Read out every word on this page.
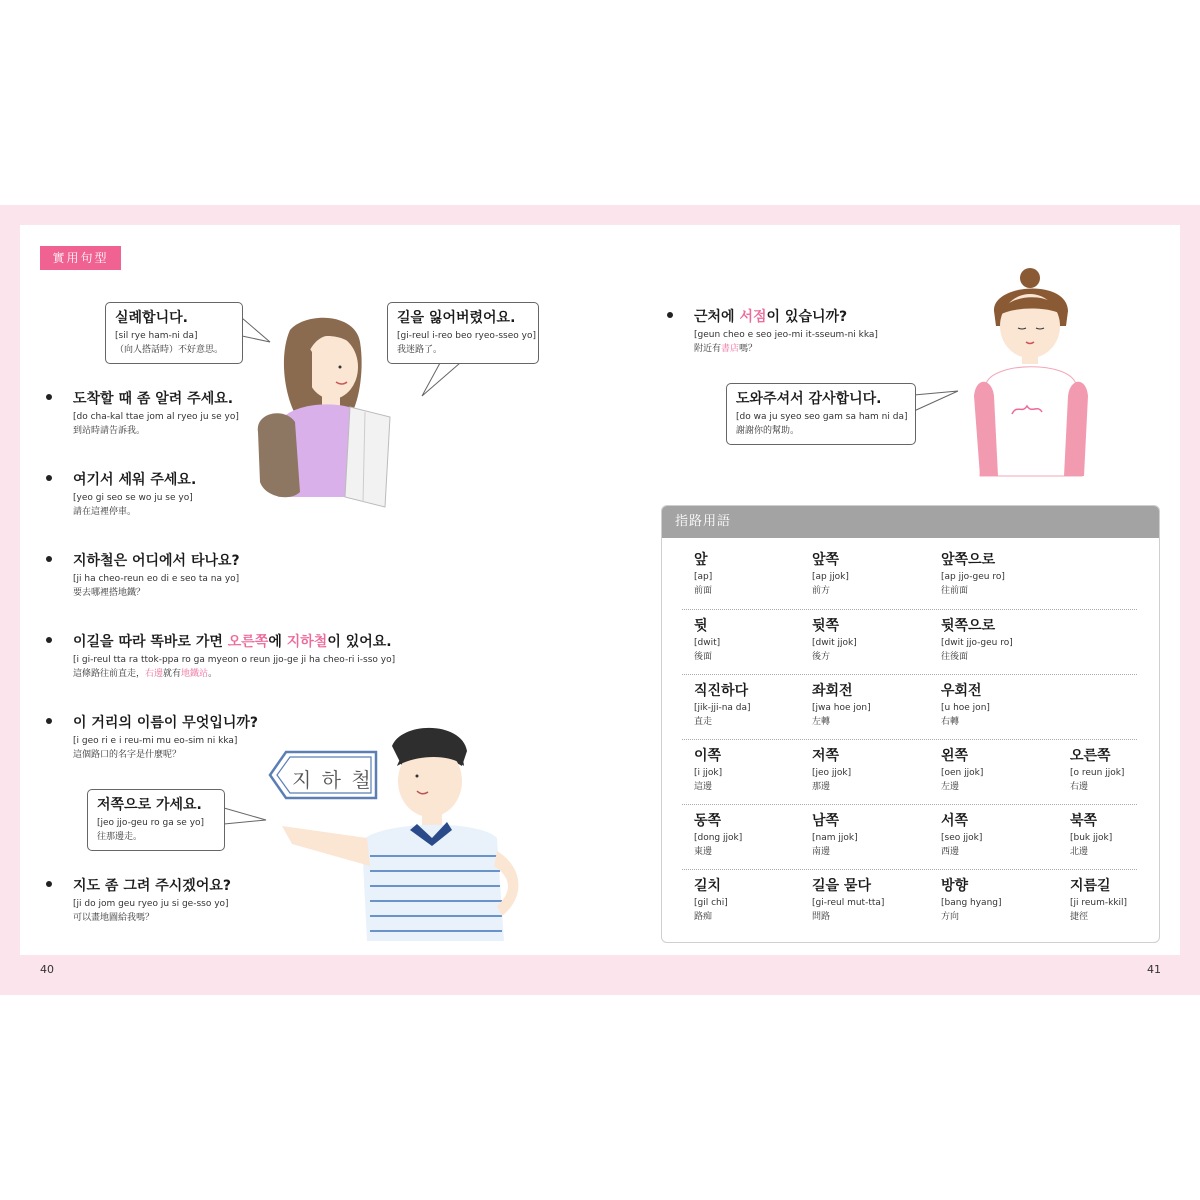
實用句型
지 하 철
실례합니다.
[sil rye ham-ni da]
（向人搭話時）不好意思。
길을 잃어버렸어요.
[gi-reul i-reo beo ryeo-sseo yo]
我迷路了。
저쪽으로 가세요.
[jeo jjo-geu ro ga se yo]
往那邊走。
도착할 때 좀 알려 주세요.
[do cha-kal ttae jom al ryeo ju se yo]
到站時請告訴我。
여기서 세워 주세요.
[yeo gi seo se wo ju se yo]
請在這裡停車。
지하철은 어디에서 타나요?
[ji ha cheo-reun eo di e seo ta na yo]
要去哪裡搭地鐵？
이길을 따라 똑바로 가면 오른쪽에 지하철이 있어요.
[i gi-reul tta ra ttok-ppa ro ga myeon o reun jjo-ge ji ha cheo-ri i-sso yo]
這條路往前直走，右邊就有地鐵站。
이 거리의 이름이 무엇입니까?
[i geo ri e i reu-mi mu eo-sim ni kka]
這個路口的名字是什麼呢？
지도 좀 그려 주시겠어요?
[ji do jom geu ryeo ju si ge-sso yo]
可以畫地圖給我嗎？
근처에 서점이 있습니까?
[geun cheo e seo jeo-mi it-sseum-ni kka]
附近有書店嗎？
도와주셔서 감사합니다.
[do wa ju syeo seo gam sa ham ni da]
謝謝你的幫助。
指路用語
앞
[ap]
前面
앞쪽
[ap jjok]
前方
앞쪽으로
[ap jjo-geu ro]
往前面
뒷
[dwit]
後面
뒷쪽
[dwit jjok]
後方
뒷쪽으로
[dwit jjo-geu ro]
往後面
직진하다
[jik-jji-na da]
直走
좌회전
[jwa hoe jon]
左轉
우회전
[u hoe jon]
右轉
이쪽
[i jjok]
這邊
저쪽
[jeo jjok]
那邊
왼쪽
[oen jjok]
左邊
오른쪽
[o reun jjok]
右邊
동쪽
[dong jjok]
東邊
남쪽
[nam jjok]
南邊
서쪽
[seo jjok]
西邊
북쪽
[buk jjok]
北邊
길치
[gil chi]
路痴
길을 묻다
[gi-reul mut-tta]
問路
방향
[bang hyang]
方向
지름길
[ji reum-kkil]
捷徑
40	41
